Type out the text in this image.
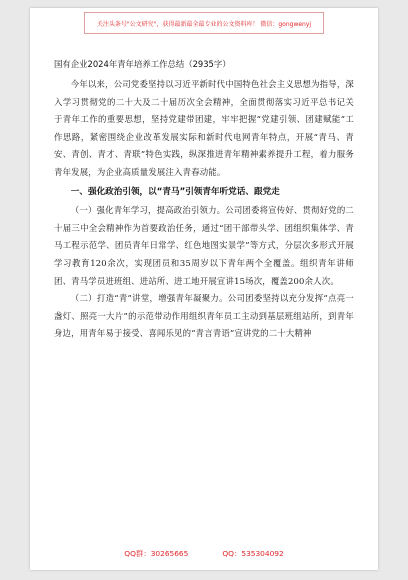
关注头条号"公文研究"，获得最新最全最专业的公文资料库！ 微信：gongwenyj
国有企业2024年青年培养工作总结（2935字）

今年以来，公司党委坚持以习近平新时代中国特色社会主义思想为指导，深入学习贯彻党的二十大及二十届历次全会精神，全面贯彻落实习近平总书记关于青年工作的重要思想，坚持党建带团建，牢牢把握“党建引领、团建赋能”工作思路，紧密围绕企业改革发展实际和新时代电网青年特点，开展“青马、青安、青创、青才、青联”特色实践，纵深推进青年精神素养提升工程，着力服务青年发展，为企业高质量发展注入青春动能。

一、强化政治引领，以“青马”引领青年听党话、跟党走

（一）强化青年学习，提高政治引领力。公司团委将宣传好、贯彻好党的二十届三中全会精神作为首要政治任务，通过“团干部带头学、团组织集体学、青马工程示范学、团员青年日常学、红色地图实景学”等方式，分层次多形式开展学习教育120余次，实现团员和35周岁以下青年两个全覆盖。组织青年讲师团、青马学员进班组、进站所、进工地开展宣讲15场次，覆盖200余人次。

（二）打造“青”讲堂，增强青年凝聚力。公司团委坚持以充分发挥“点亮一盏灯、照亮一大片”的示范带动作用组织青年员工主动到基层班组站所，到青年身边，用青年易于接受、喜闻乐见的“青言青语”宣讲党的二十大精神

QQ群：30265665	QQ：535304092
